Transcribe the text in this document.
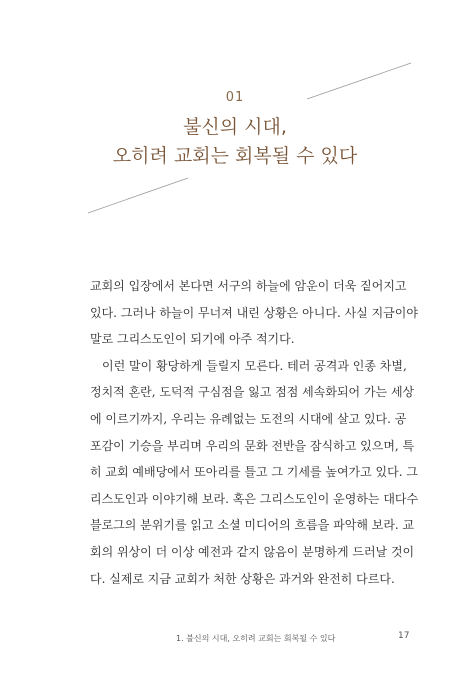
01
불신의 시대,
오히려 교회는 회복될 수 있다
교회의 입장에서 본다면 서구의 하늘에 암운이 더욱 짙어지고
있다. 그러나 하늘이 무너져 내린 상황은 아니다. 사실 지금이야
말로 그리스도인이 되기에 아주 적기다.
이런 말이 황당하게 들릴지 모른다. 테러 공격과 인종 차별,
정치적 혼란, 도덕적 구심점을 잃고 점점 세속화되어 가는 세상
에 이르기까지, 우리는 유례없는 도전의 시대에 살고 있다. 공
포감이 기승을 부리며 우리의 문화 전반을 잠식하고 있으며, 특
히 교회 예배당에서 또아리를 틀고 그 기세를 높여가고 있다. 그
리스도인과 이야기해 보라. 혹은 그리스도인이 운영하는 대다수
블로그의 분위기를 읽고 소셜 미디어의 흐름을 파악해 보라. 교
회의 위상이 더 이상 예전과 같지 않음이 분명하게 드러날 것이
다. 실제로 지금 교회가 처한 상황은 과거와 완전히 다르다.
1. 불신의 시대, 오히려 교회는 회복될 수 있다	17
